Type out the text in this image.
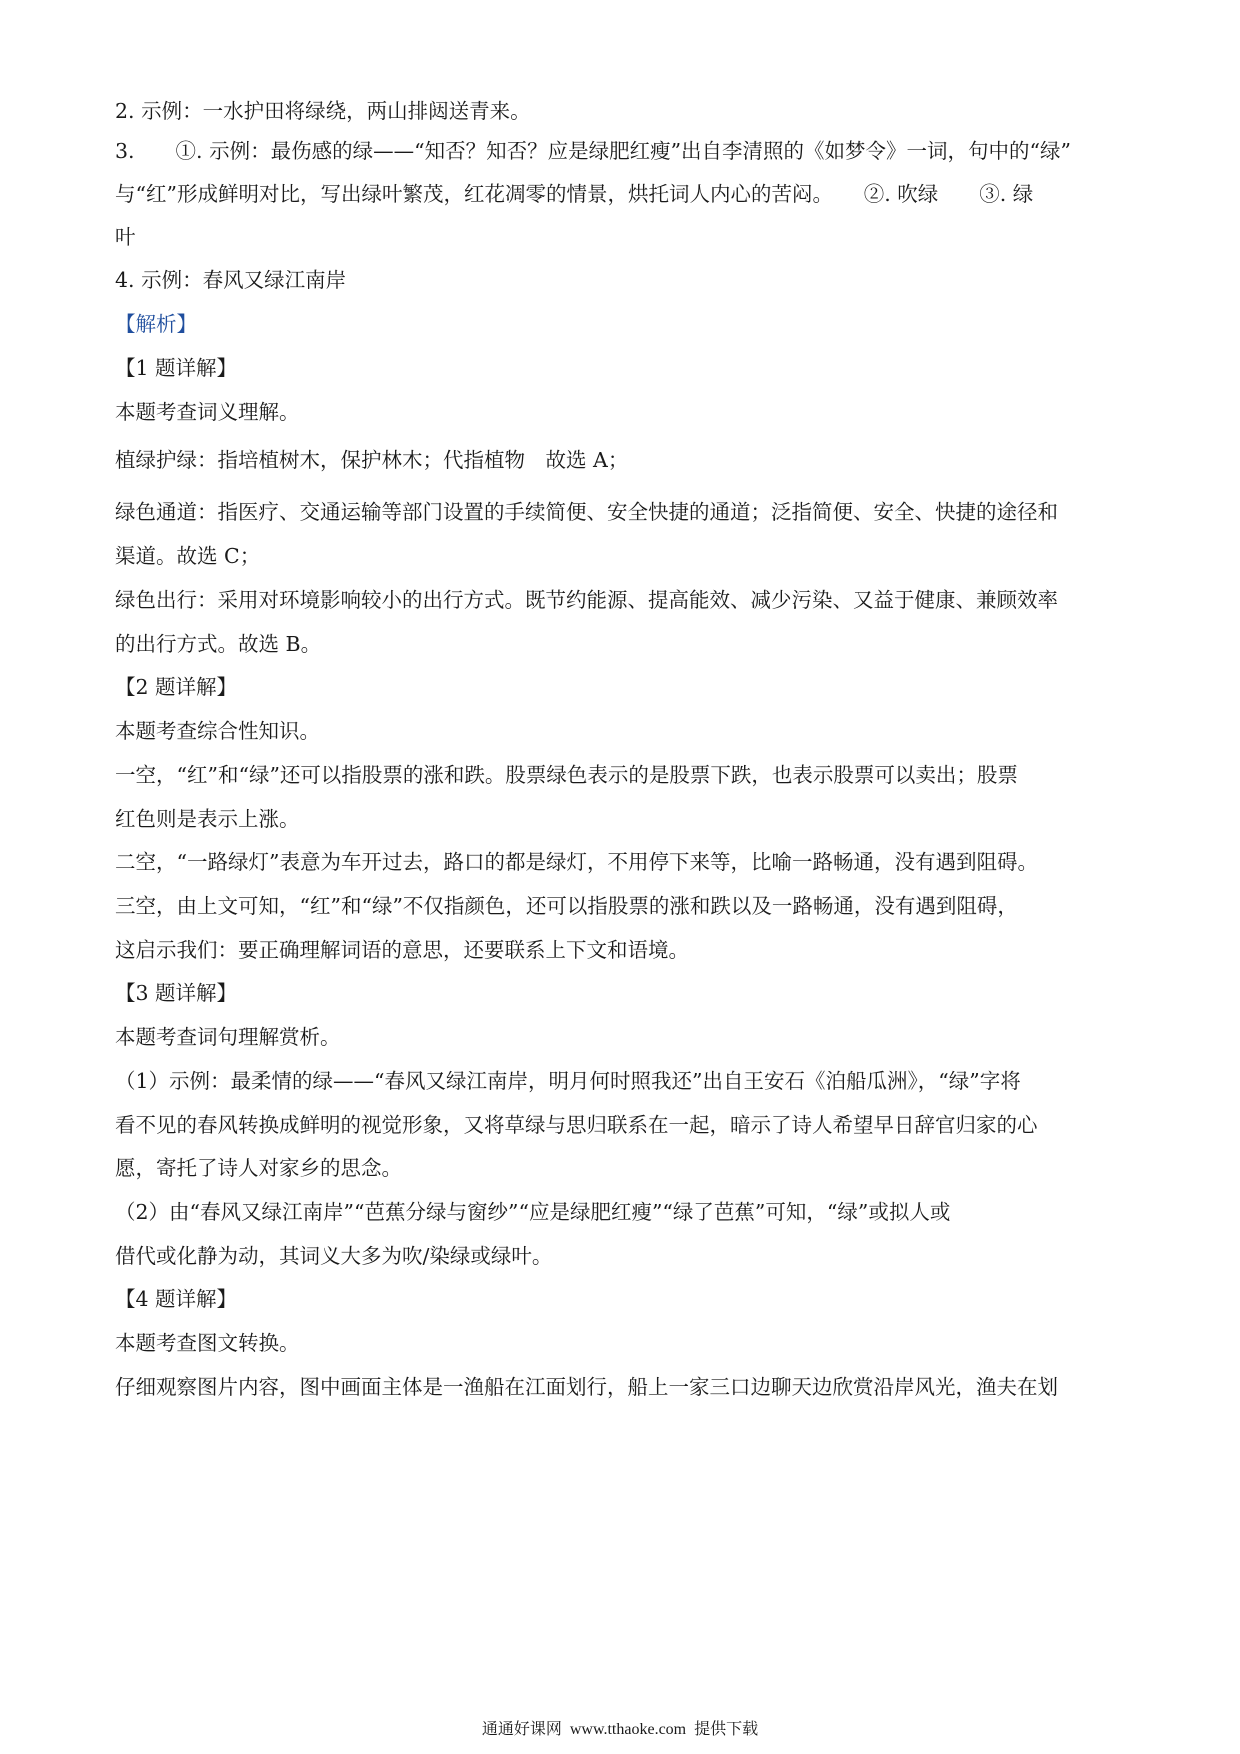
2. 示例：一水护田将绿绕，两山排闼送青来。
3.　　①. 示例：最伤感的绿——“知否？知否？应是绿肥红瘦”出自李清照的《如梦令》一词，句中的“绿”
与“红”形成鲜明对比，写出绿叶繁茂，红花凋零的情景，烘托词人内心的苦闷。　　②. 吹绿　　③. 绿
叶
4. 示例：春风又绿江南岸
【解析】
【1 题详解】
本题考查词义理解。
植绿护绿：指培植树木，保护林木；代指植物　故选 A；
绿色通道：指医疗、交通运输等部门设置的手续简便、安全快捷的通道；泛指简便、安全、快捷的途径和
渠道。故选 C；
绿色出行：采用对环境影响较小的出行方式。既节约能源、提高能效、减少污染、又益于健康、兼顾效率
的出行方式。故选 B。
【2 题详解】
本题考查综合性知识。
一空，“红”和“绿”还可以指股票的涨和跌。股票绿色表示的是股票下跌，也表示股票可以卖出；股票
红色则是表示上涨。
二空，“一路绿灯”表意为车开过去，路口的都是绿灯，不用停下来等，比喻一路畅通，没有遇到阻碍。
三空，由上文可知，“红”和“绿”不仅指颜色，还可以指股票的涨和跌以及一路畅通，没有遇到阻碍，
这启示我们：要正确理解词语的意思，还要联系上下文和语境。
【3 题详解】
本题考查词句理解赏析。
（1）示例：最柔情的绿——“春风又绿江南岸，明月何时照我还”出自王安石《泊船瓜洲》，“绿”字将
看不见的春风转换成鲜明的视觉形象，又将草绿与思归联系在一起，暗示了诗人希望早日辞官归家的心
愿，寄托了诗人对家乡的思念。
（2）由“春风又绿江南岸”“芭蕉分绿与窗纱”“应是绿肥红瘦”“绿了芭蕉”可知，“绿”或拟人或
借代或化静为动，其词义大多为吹/染绿或绿叶。
【4 题详解】
本题考查图文转换。
仔细观察图片内容，图中画面主体是一渔船在江面划行，船上一家三口边聊天边欣赏沿岸风光，渔夫在划
通通好课网 www.tthaoke.com 提供下载
